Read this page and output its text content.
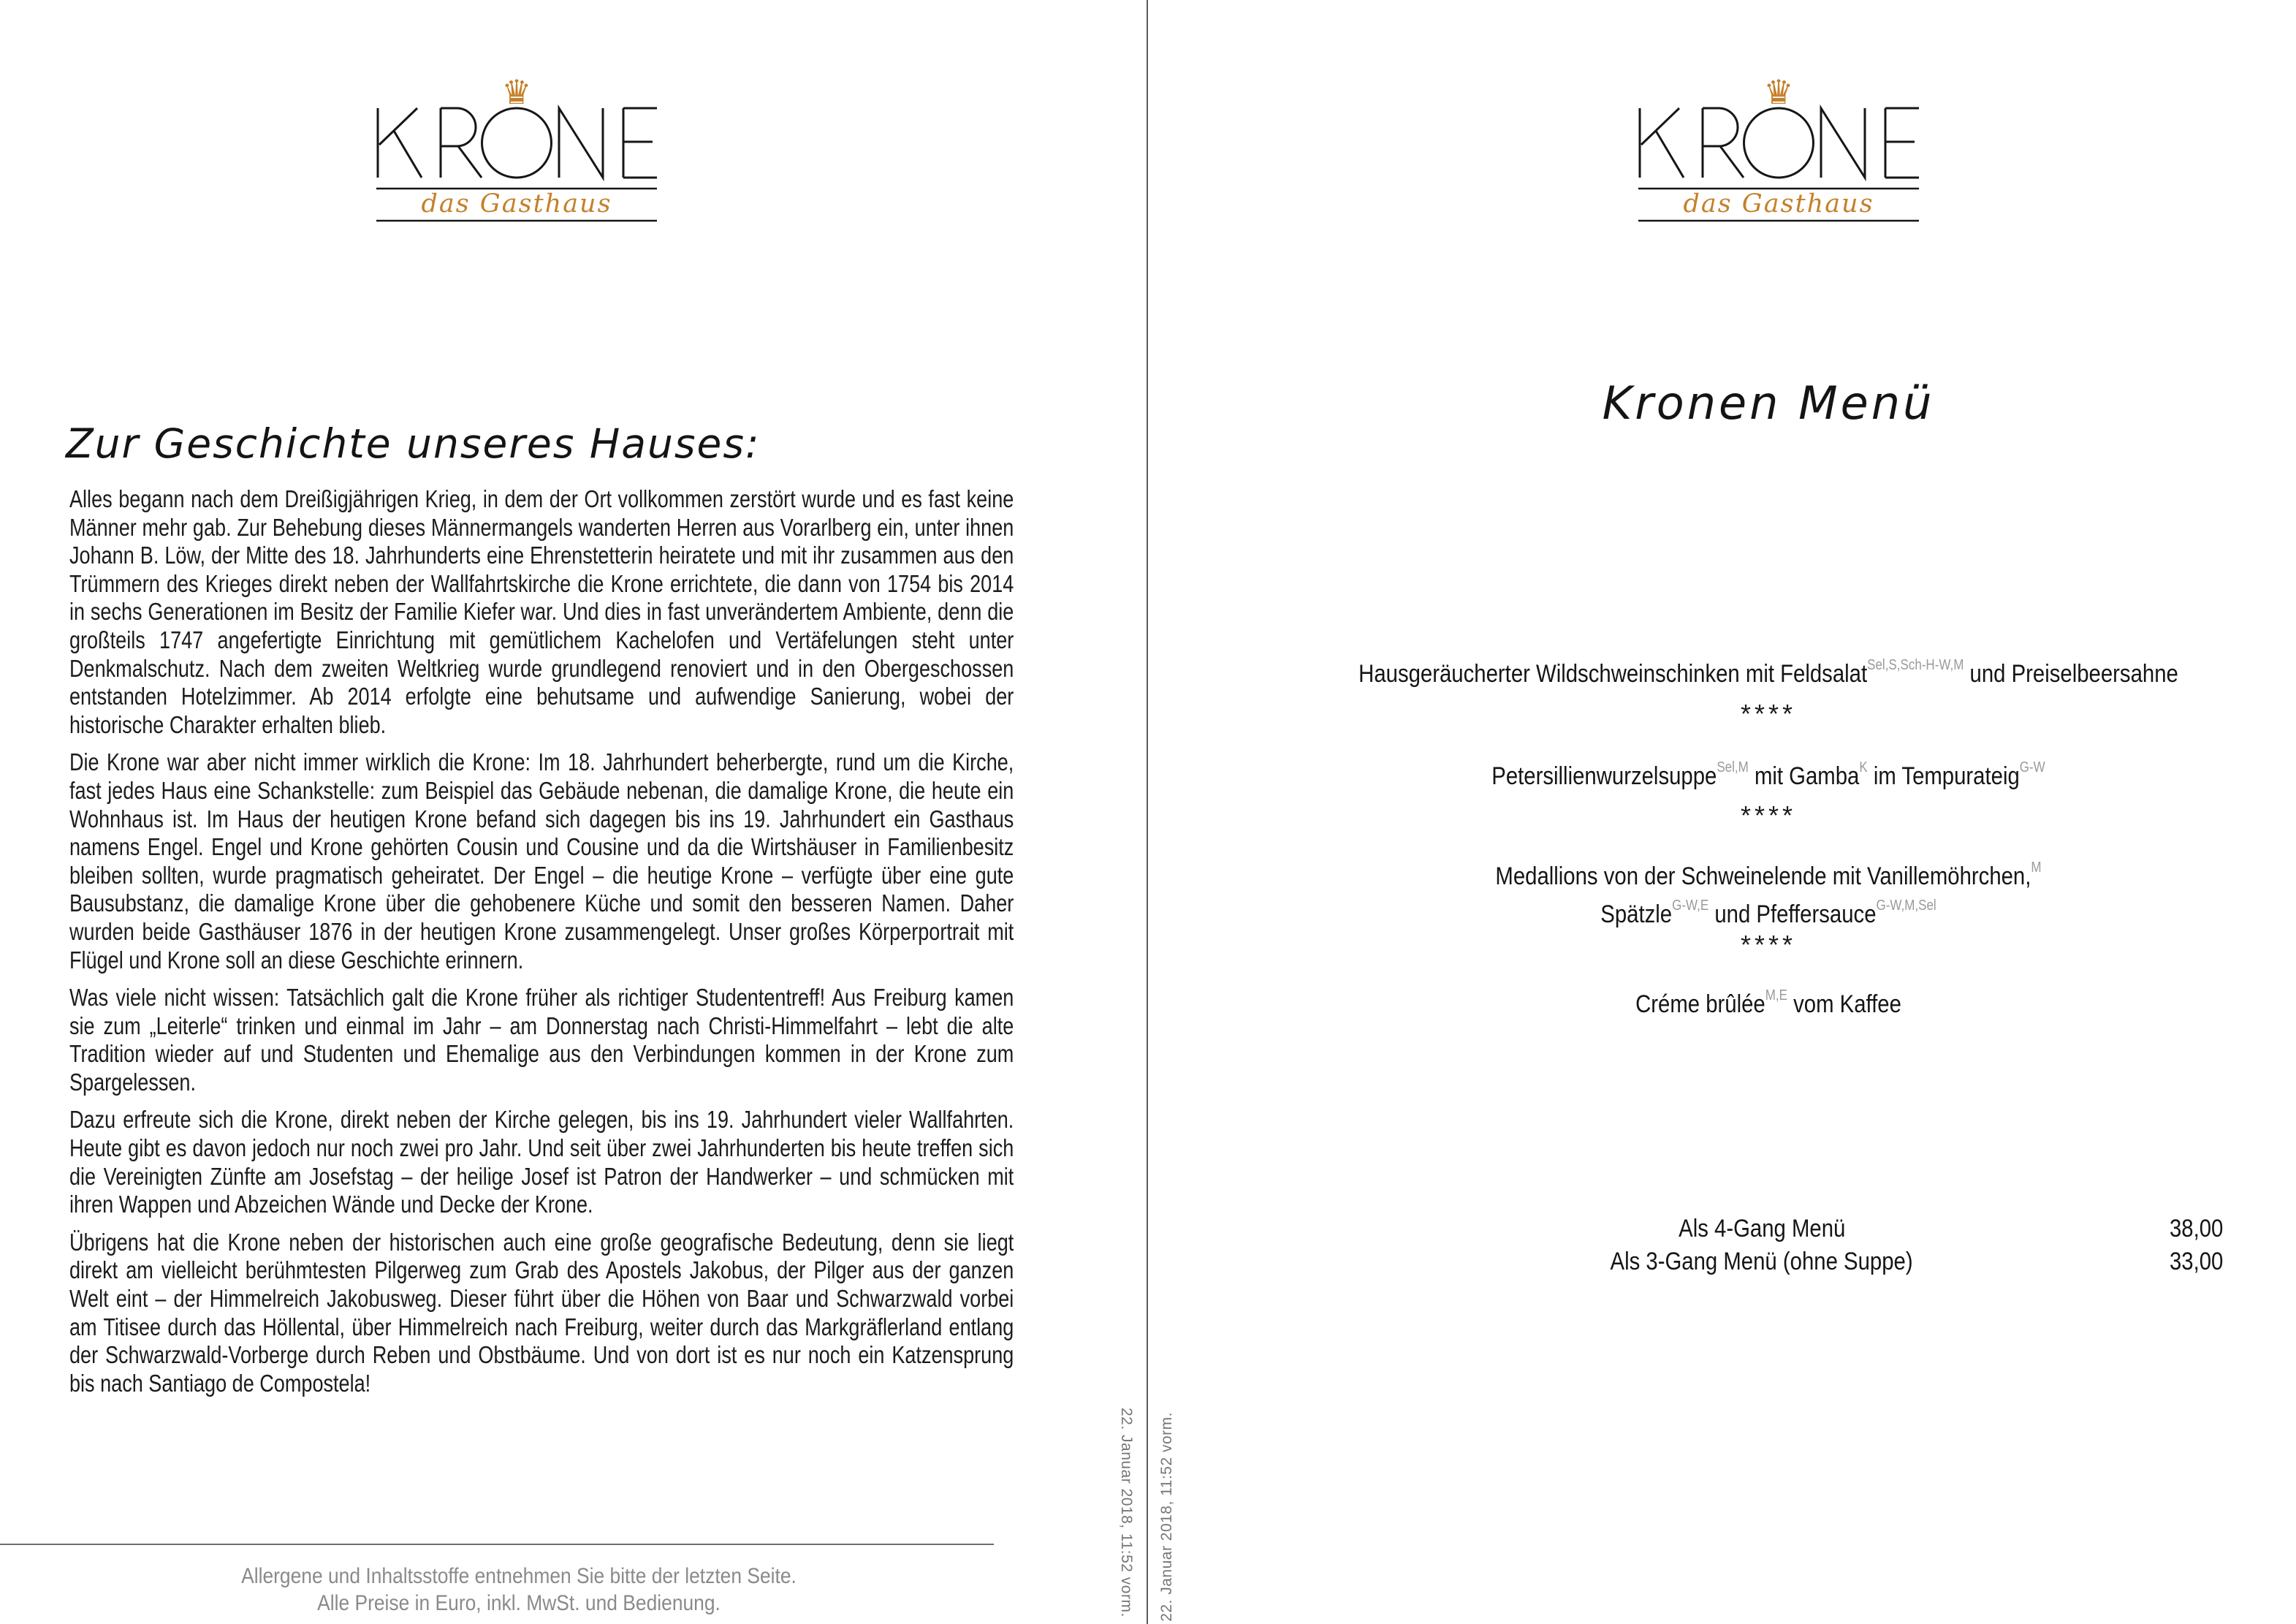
♛
das Gasthaus
Zur Geschichte unseres Hauses:

Alles begann nach dem Dreißigjährigen Krieg, in dem der Ort vollkommen zerstört wurde und es fast keine Männer mehr gab. Zur Behebung dieses Männermangels wanderten Herren aus Vorarlberg ein, unter ihnen Johann B. Löw, der Mitte des 18. Jahrhunderts eine Ehrenstetterin heiratete und mit ihr zusammen aus den Trümmern des Krieges direkt neben der Wallfahrtskirche die Krone errichtete, die dann von 1754 bis 2014 in sechs Generationen im Besitz der Familie Kiefer war. Und dies in fast unverändertem Ambiente, denn die großteils 1747 angefertigte Einrichtung mit gemütlichem Kachelofen und Vertäfelungen steht unter Denkmalschutz. Nach dem zweiten Weltkrieg wurde grundlegend renoviert und in den Obergeschossen entstanden Hotelzimmer. Ab 2014 erfolgte eine behutsame und aufwendige Sanierung, wobei der historische Charakter erhalten blieb.

Die Krone war aber nicht immer wirklich die Krone: Im 18. Jahrhundert beherbergte, rund um die Kirche, fast jedes Haus eine Schankstelle: zum Beispiel das Gebäude nebenan, die damalige Krone, die heute ein Wohnhaus ist. Im Haus der heutigen Krone befand sich dagegen bis ins 19. Jahrhundert ein Gasthaus namens Engel. Engel und Krone gehörten Cousin und Cousine und da die Wirtshäuser in Familienbesitz bleiben sollten, wurde pragmatisch geheiratet. Der Engel – die heutige Krone – verfügte über eine gute Bausubstanz, die damalige Krone über die gehobenere Küche und somit den besseren Namen. Daher wurden beide Gasthäuser 1876 in der heutigen Krone zusammengelegt. Unser großes Körperportrait mit Flügel und Krone soll an diese Geschichte erinnern.

Was viele nicht wissen: Tatsächlich galt die Krone früher als richtiger Studententreff! Aus Freiburg kamen sie zum „Leiterle“ trinken und einmal im Jahr – am Donnerstag nach Christi-Himmelfahrt – lebt die alte Tradition wieder auf und Studenten und Ehemalige aus den Verbindungen kommen in der Krone zum Spargelessen.

Dazu erfreute sich die Krone, direkt neben der Kirche gelegen, bis ins 19. Jahrhundert vieler Wallfahrten. Heute gibt es davon jedoch nur noch zwei pro Jahr. Und seit über zwei Jahrhunderten bis heute treffen sich die Vereinigten Zünfte am Josefstag – der heilige Josef ist Patron der Handwerker – und schmücken mit ihren Wappen und Abzeichen Wände und Decke der Krone.

Übrigens hat die Krone neben der historischen auch eine große geografische Bedeutung, denn sie liegt direkt am vielleicht berühmtesten Pilgerweg zum Grab des Apostels Jakobus, der Pilger aus der ganzen Welt eint – der Himmelreich Jakobusweg. Dieser führt über die Höhen von Baar und Schwarzwald vorbei am Titisee durch das Höllental, über Himmelreich nach Freiburg, weiter durch das Markgräflerland entlang der Schwarzwald-Vorberge durch Reben und Obstbäume. Und von dort ist es nur noch ein Katzensprung bis nach Santiago de Compostela!

Allergene und Inhaltsstoffe entnehmen Sie bitte der letzten Seite.
Alle Preise in Euro, inkl. MwSt. und Bedienung.	22. Januar 2018, 11:52 vorm. 22. Januar 2018, 11:52 vorm.
♛
das Gasthaus
Kronen Menü
Hausgeräucherter Wildschweinschinken mit Feldsalat$^{Sel,S,Sch-H-W,M}$ und Preiselbeersahne
****
Petersillienwurzelsuppe$^{Sel,M}$ mit Gamba$^K$ im Tempurateig$^{G-W}$
****
Medallions von der Schweinelende mit Vanillemöhrchen,$^M$
Spätzle$^{G-W,E}$ und Pfeffersauce$^{G-W,M,Sel}$
****
Créme brûlée$^{M,E}$ vom Kaffee
Als 4-Gang Menü	38,00
Als 3-Gang Menü (ohne Suppe)	33,00
